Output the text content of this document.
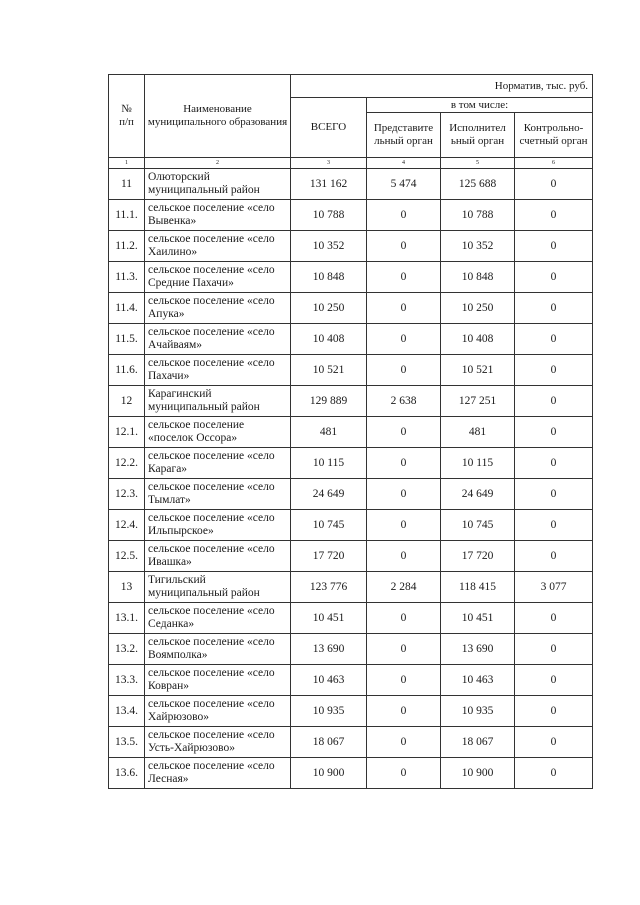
№
п/п	Наименование муниципального образования	Норматив, тыс. руб.			
		ВСЕГО	в том числе:		
			Представите льный орган	Исполнител ьный орган	Контрольно-счетный орган
1	2	3	4	5	6
11	Олюторский муниципальный район	131 162	5 474	125 688	0
11.1.	сельское поселение «село Вывенка»	10 788	0	10 788	0
11.2.	сельское поселение «село Хаилино»	10 352	0	10 352	0
11.3.	сельское поселение «село Средние Пахачи»	10 848	0	10 848	0
11.4.	сельское поселение «село Апука»	10 250	0	10 250	0
11.5.	сельское поселение «село Ачайваям»	10 408	0	10 408	0
11.6.	сельское поселение «село Пахачи»	10 521	0	10 521	0
12	Карагинский муниципальный район	129 889	2 638	127 251	0
12.1.	сельское поселение «поселок Оссора»	481	0	481	0
12.2.	сельское поселение «село Карага»	10 115	0	10 115	0
12.3.	сельское поселение «село Тымлат»	24 649	0	24 649	0
12.4.	сельское поселение «село Ильпырское»	10 745	0	10 745	0
12.5.	сельское поселение «село Ивашка»	17 720	0	17 720	0
13	Тигильский муниципальный район	123 776	2 284	118 415	3 077
13.1.	сельское поселение «село Седанка»	10 451	0	10 451	0
13.2.	сельское поселение «село Воямполка»	13 690	0	13 690	0
13.3.	сельское поселение «село Ковран»	10 463	0	10 463	0
13.4.	сельское поселение «село Хайрюзово»	10 935	0	10 935	0
13.5.	сельское поселение «село Усть-Хайрюзово»	18 067	0	18 067	0
13.6.	сельское поселение «село Лесная»	10 900	0	10 900	0
